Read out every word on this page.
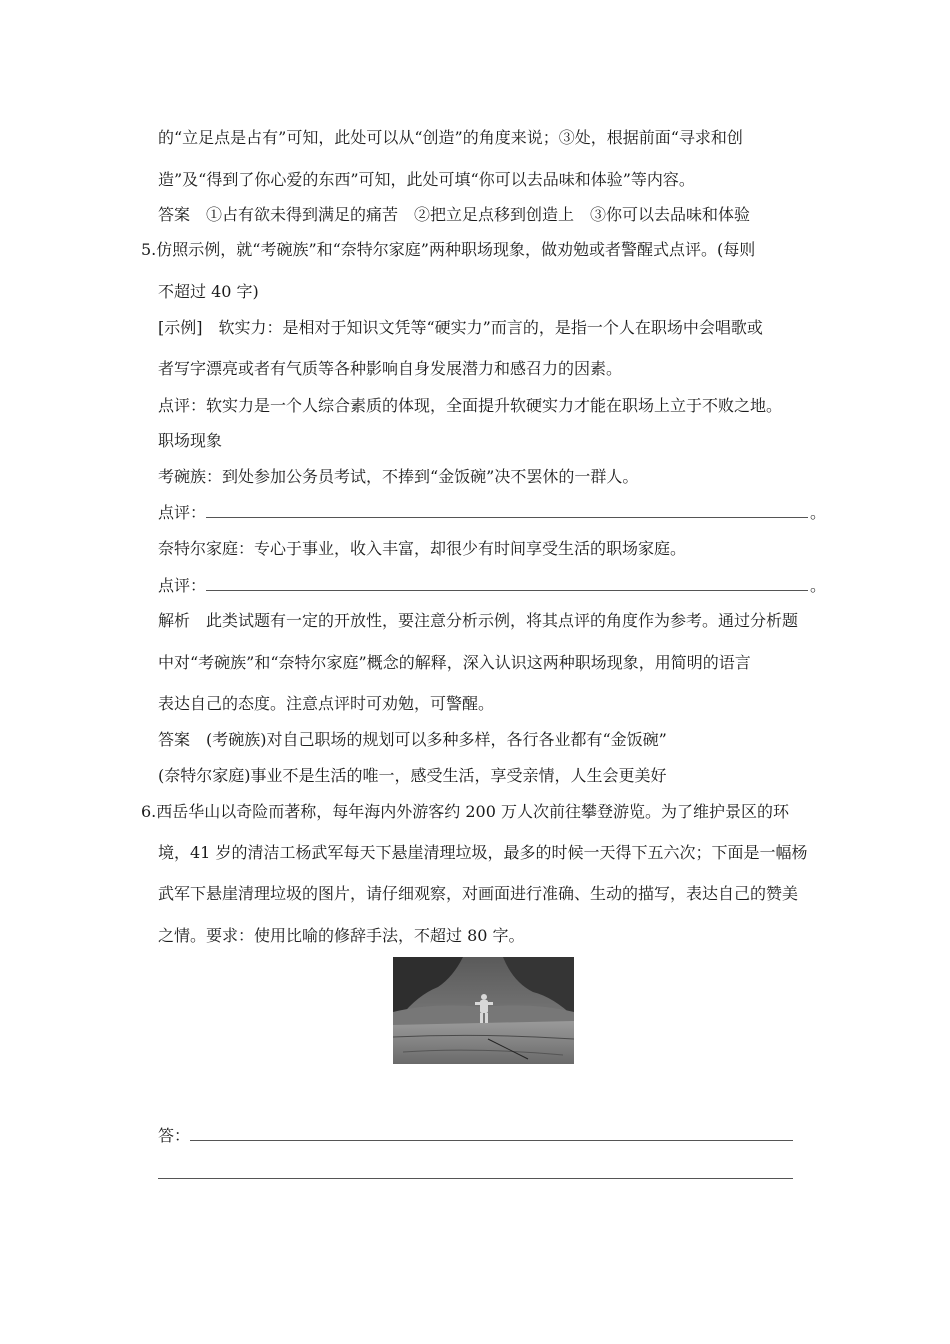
的“立足点是占有”可知，此处可以从“创造”的角度来说；③处，根据前面“寻求和创
造”及“得到了你心爱的东西”可知，此处可填“你可以去品味和体验”等内容。
答案　①占有欲未得到满足的痛苦　②把立足点移到创造上　③你可以去品味和体验
5.仿照示例，就“考碗族”和“奈特尔家庭”两种职场现象，做劝勉或者警醒式点评。(每则
不超过 40 字)
[示例]　软实力：是相对于知识文凭等“硬实力”而言的，是指一个人在职场中会唱歌或
者写字漂亮或者有气质等各种影响自身发展潜力和感召力的因素。
点评：软实力是一个人综合素质的体现，全面提升软硬实力才能在职场上立于不败之地。
职场现象
考碗族：到处参加公务员考试，不捧到“金饭碗”决不罢休的一群人。
点评：	。
奈特尔家庭：专心于事业，收入丰富，却很少有时间享受生活的职场家庭。
点评：	。
解析　此类试题有一定的开放性，要注意分析示例，将其点评的角度作为参考。通过分析题
中对“考碗族”和“奈特尔家庭”概念的解释，深入认识这两种职场现象，用简明的语言
表达自己的态度。注意点评时可劝勉，可警醒。
答案　(考碗族)对自己职场的规划可以多种多样，各行各业都有“金饭碗”
(奈特尔家庭)事业不是生活的唯一，感受生活，享受亲情，人生会更美好
6.西岳华山以奇险而著称，每年海内外游客约 200 万人次前往攀登游览。为了维护景区的环
境，41 岁的清洁工杨武军每天下悬崖清理垃圾，最多的时候一天得下五六次；下面是一幅杨
武军下悬崖清理垃圾的图片，请仔细观察，对画面进行准确、生动的描写，表达自己的赞美
之情。要求：使用比喻的修辞手法，不超过 80 字。
答：
